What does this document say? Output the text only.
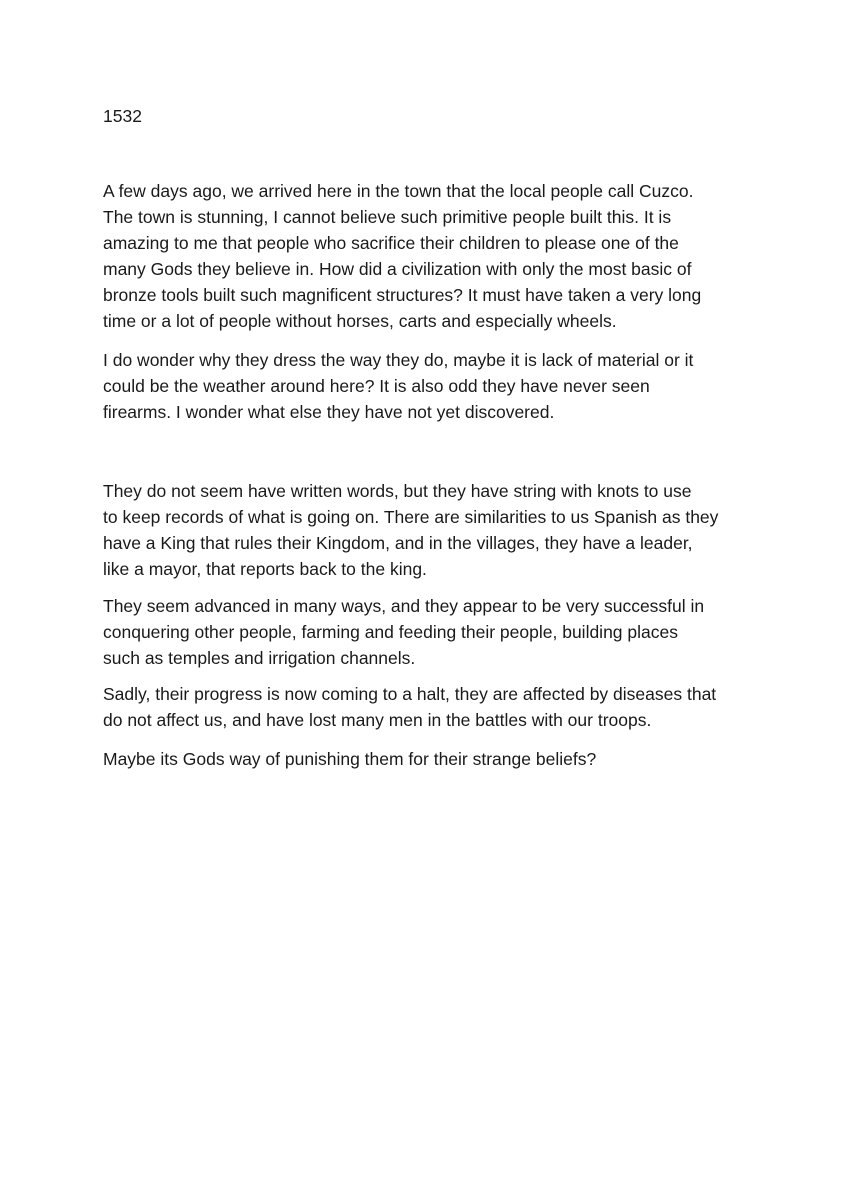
1532

A few days ago, we arrived here in the town that the local people call Cuzco.
The town is stunning, I cannot believe such primitive people built this. It is
amazing to me that people who sacrifice their children to please one of the
many Gods they believe in. How did a civilization with only the most basic of
bronze tools built such magnificent structures? It must have taken a very long
time or a lot of people without horses, carts and especially wheels.

I do wonder why they dress the way they do, maybe it is lack of material or it
could be the weather around here? It is also odd they have never seen
firearms. I wonder what else they have not yet discovered.

They do not seem have written words, but they have string with knots to use
to keep records of what is going on. There are similarities to us Spanish as they
have a King that rules their Kingdom, and in the villages, they have a leader,
like a mayor, that reports back to the king.

They seem advanced in many ways, and they appear to be very successful in
conquering other people, farming and feeding their people, building places
such as temples and irrigation channels.

Sadly, their progress is now coming to a halt, they are affected by diseases that
do not affect us, and have lost many men in the battles with our troops.

Maybe its Gods way of punishing them for their strange beliefs?
